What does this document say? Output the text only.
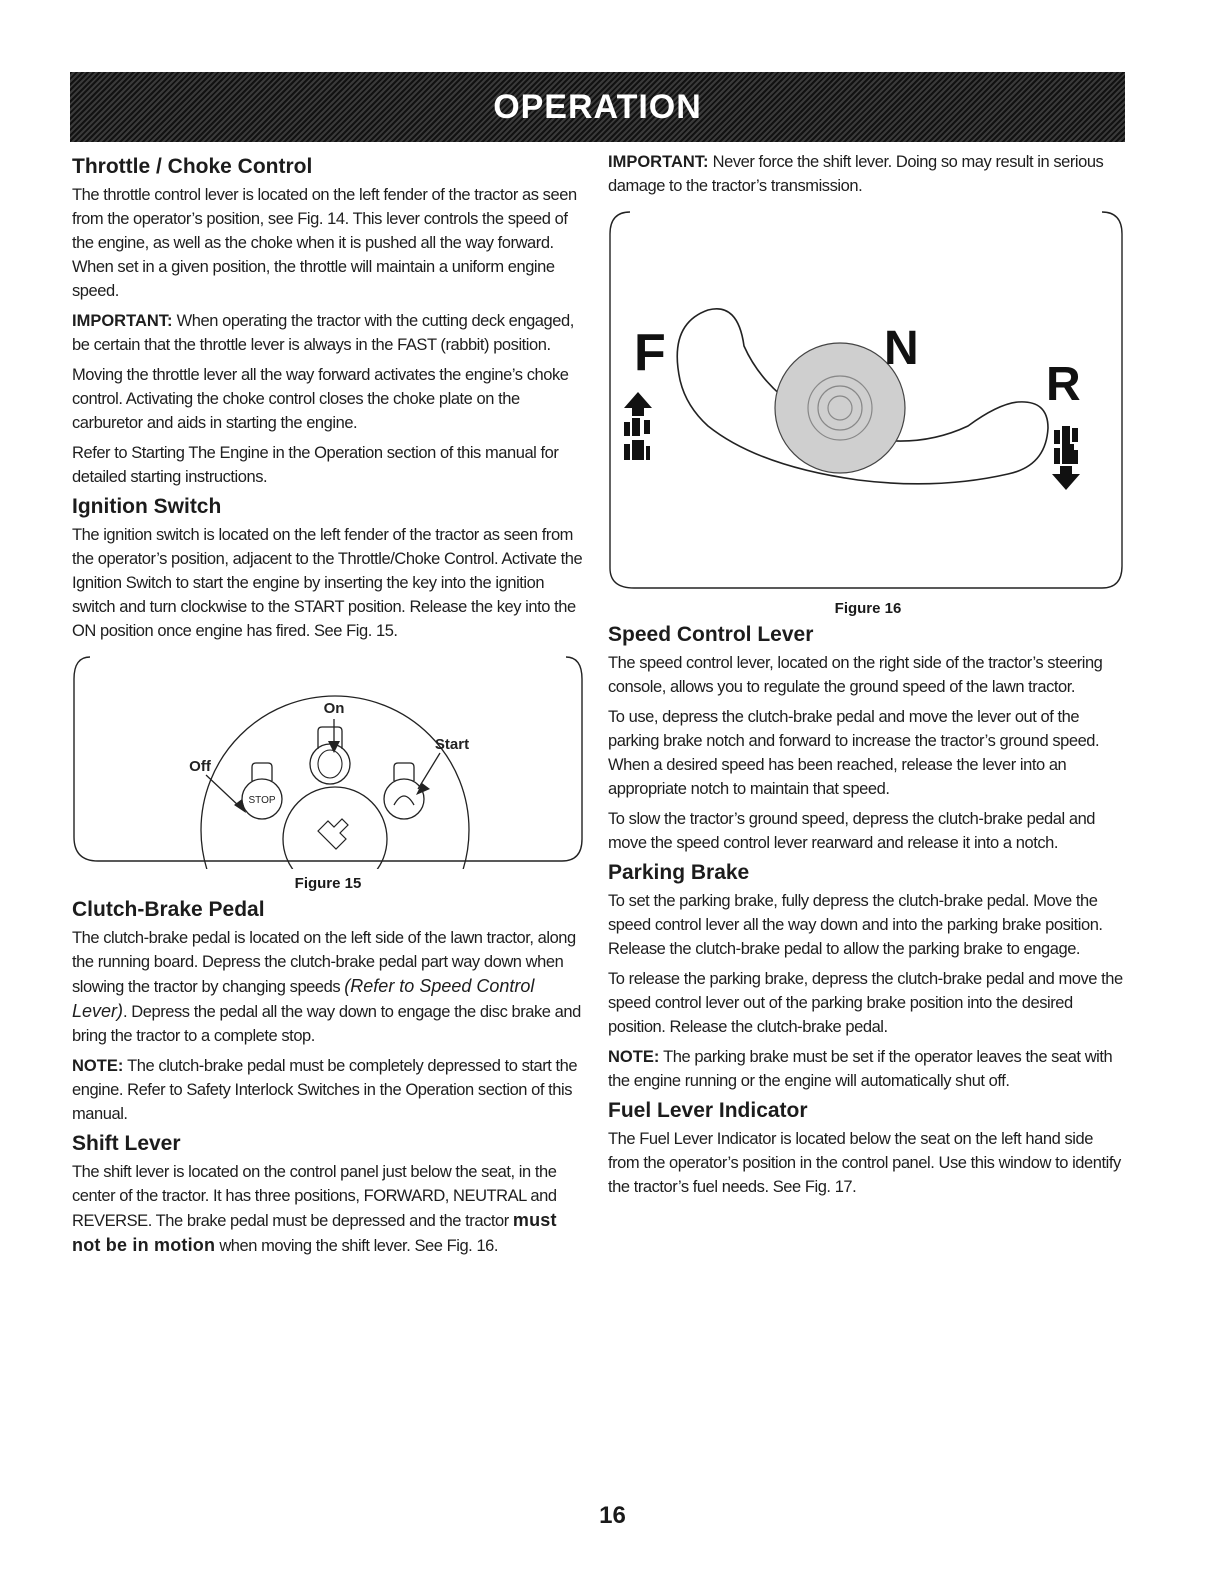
OPERATION
Throttle / Choke Control

The throttle control lever is located on the left fender of the tractor as seen from the operator’s position, see Fig. 14. This lever controls the speed of the engine, as well as the choke when it is pushed all the way forward. When set in a given position, the throttle will maintain a uniform engine speed.

IMPORTANT: When operating the tractor with the cutting deck engaged, be certain that the throttle lever is always in the FAST (rabbit) position.

Moving the throttle lever all the way forward activates the engine’s choke control. Activating the choke control closes the choke plate on the carburetor and aids in starting the engine.

Refer to Starting The Engine in the Operation section of this manual for detailed starting instructions.

Ignition Switch

The ignition switch is located on the left fender of the tractor as seen from the operator’s position, adjacent to the Throttle/Choke Control. Activate the Ignition Switch to start the engine by inserting the key into the ignition switch and turn clockwise to the START position. Release the key into the ON position once engine has fired. See Fig. 15.

STOP
On
Start
Off
Figure 15
Clutch-Brake Pedal

The clutch-brake pedal is located on the left side of the lawn tractor, along the running board. Depress the clutch-brake pedal part way down when slowing the tractor by changing speeds (Refer to Speed Control Lever). Depress the pedal all the way down to engage the disc brake and bring the tractor to a complete stop.

NOTE: The clutch-brake pedal must be completely depressed to start the engine. Refer to Safety Interlock Switches in the Operation section of this manual.

Shift Lever

The shift lever is located on the control panel just below the seat, in the center of the tractor. It has three positions, FORWARD, NEUTRAL and REVERSE. The brake pedal must be depressed and the tractor must not be in motion when moving the shift lever. See Fig. 16.

IMPORTANT: Never force the shift lever. Doing so may result in serious damage to the tractor’s transmission.

F	N
R
Figure 16
Speed Control Lever

The speed control lever, located on the right side of the tractor’s steering console, allows you to regulate the ground speed of the lawn tractor.

To use, depress the clutch-brake pedal and move the lever out of the parking brake notch and forward to increase the tractor’s ground speed. When a desired speed has been reached, release the lever into an appropriate notch to maintain that speed.

To slow the tractor’s ground speed, depress the clutch-brake pedal and move the speed control lever rearward and release it into a notch.

Parking Brake

To set the parking brake, fully depress the clutch-brake pedal. Move the speed control lever all the way down and into the parking brake position. Release the clutch-brake pedal to allow the parking brake to engage.

To release the parking brake, depress the clutch-brake pedal and move the speed control lever out of the parking brake position into the desired position. Release the clutch-brake pedal.

NOTE: The parking brake must be set if the operator leaves the seat with the engine running or the engine will automatically shut off.

Fuel Lever Indicator

The Fuel Lever Indicator is located below the seat on the left hand side from the operator’s position in the control panel. Use this window to identify the tractor’s fuel needs. See Fig. 17.

16
